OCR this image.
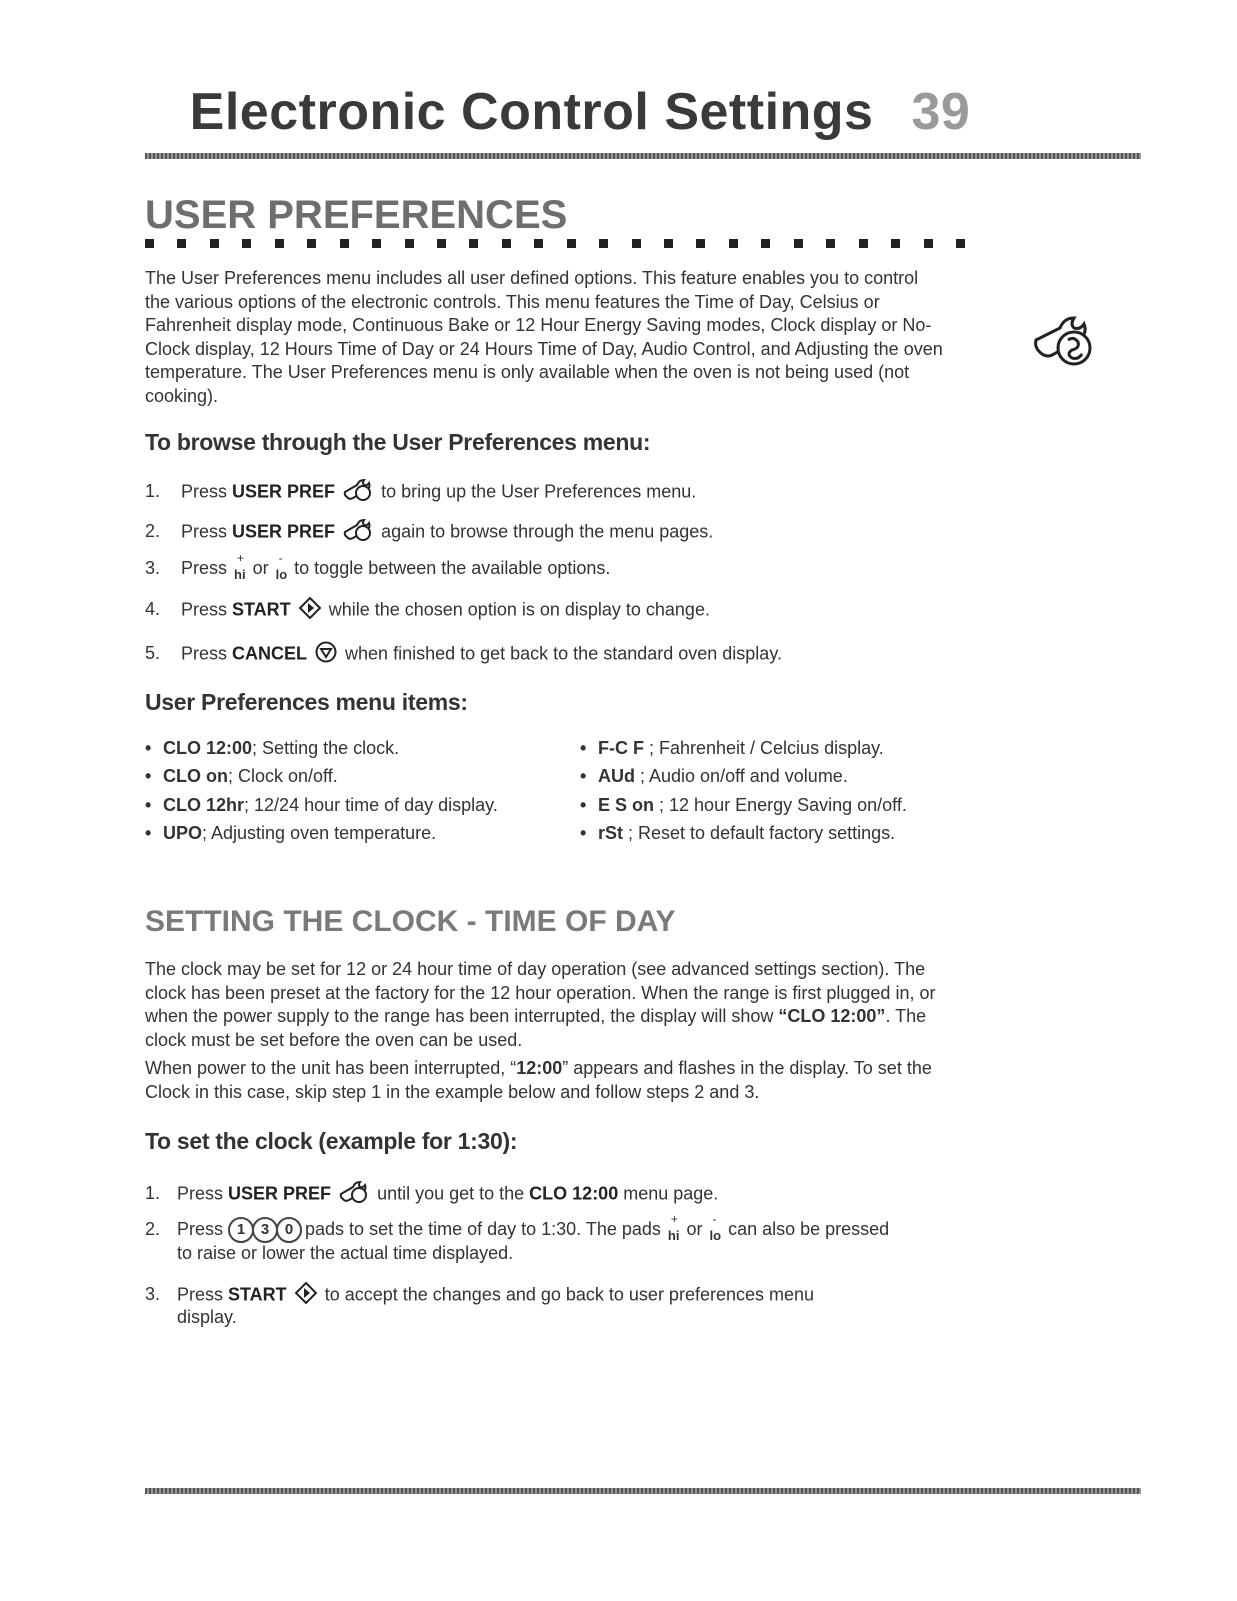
Electronic Control Settings 39
USER PREFERENCES

The User Preferences menu includes all user defined options. This feature enables you to control the various options of the electronic controls. This menu features the Time of Day, Celsius or Fahrenheit display mode, Continuous Bake or 12 Hour Energy Saving modes, Clock display or No-Clock display, 12 Hours Time of Day or 24 Hours Time of Day, Audio Control, and Adjusting the oven temperature. The User Preferences menu is only available when the oven is not being used (not cooking).

To browse through the User Preferences menu:
1. Press USER PREF  to bring up the User Preferences menu.
2. Press USER PREF  again to browse through the menu pages.
3. Press +
hi or -
lo to toggle between the available options.
4. Press START  while the chosen option is on display to change.
5. Press CANCEL  when finished to get back to the standard oven display.
User Preferences menu items:
• CLO 12:00; Setting the clock.
• CLO on; Clock on/off.
• CLO 12hr; 12/24 hour time of day display.
• UPO; Adjusting oven temperature.
• F-C F ; Fahrenheit / Celcius display.
• AUd ; Audio on/off and volume.
• E S on ; 12 hour Energy Saving on/off.
• rSt ; Reset to default factory settings.
SETTING THE CLOCK - TIME OF DAY

The clock may be set for 12 or 24 hour time of day operation (see advanced settings section). The clock has been preset at the factory for the 12 hour operation. When the range is first plugged in, or when the power supply to the range has been interrupted, the display will show “CLO 12:00”. The clock must be set before the oven can be used.

When power to the unit has been interrupted, “12:00” appears and flashes in the display. To set the Clock in this case, skip step 1 in the example below and follow steps 2 and 3.

To set the clock (example for 1:30):
1. Press USER PREF  until you get to the CLO 12:00 menu page.
2. Press 1 3 0 pads to set the time of day to 1:30. The pads +
hi or -
lo can also be pressed
to raise or lower the actual time displayed.
3. Press START  to accept the changes and go back to user preferences menu
display.
